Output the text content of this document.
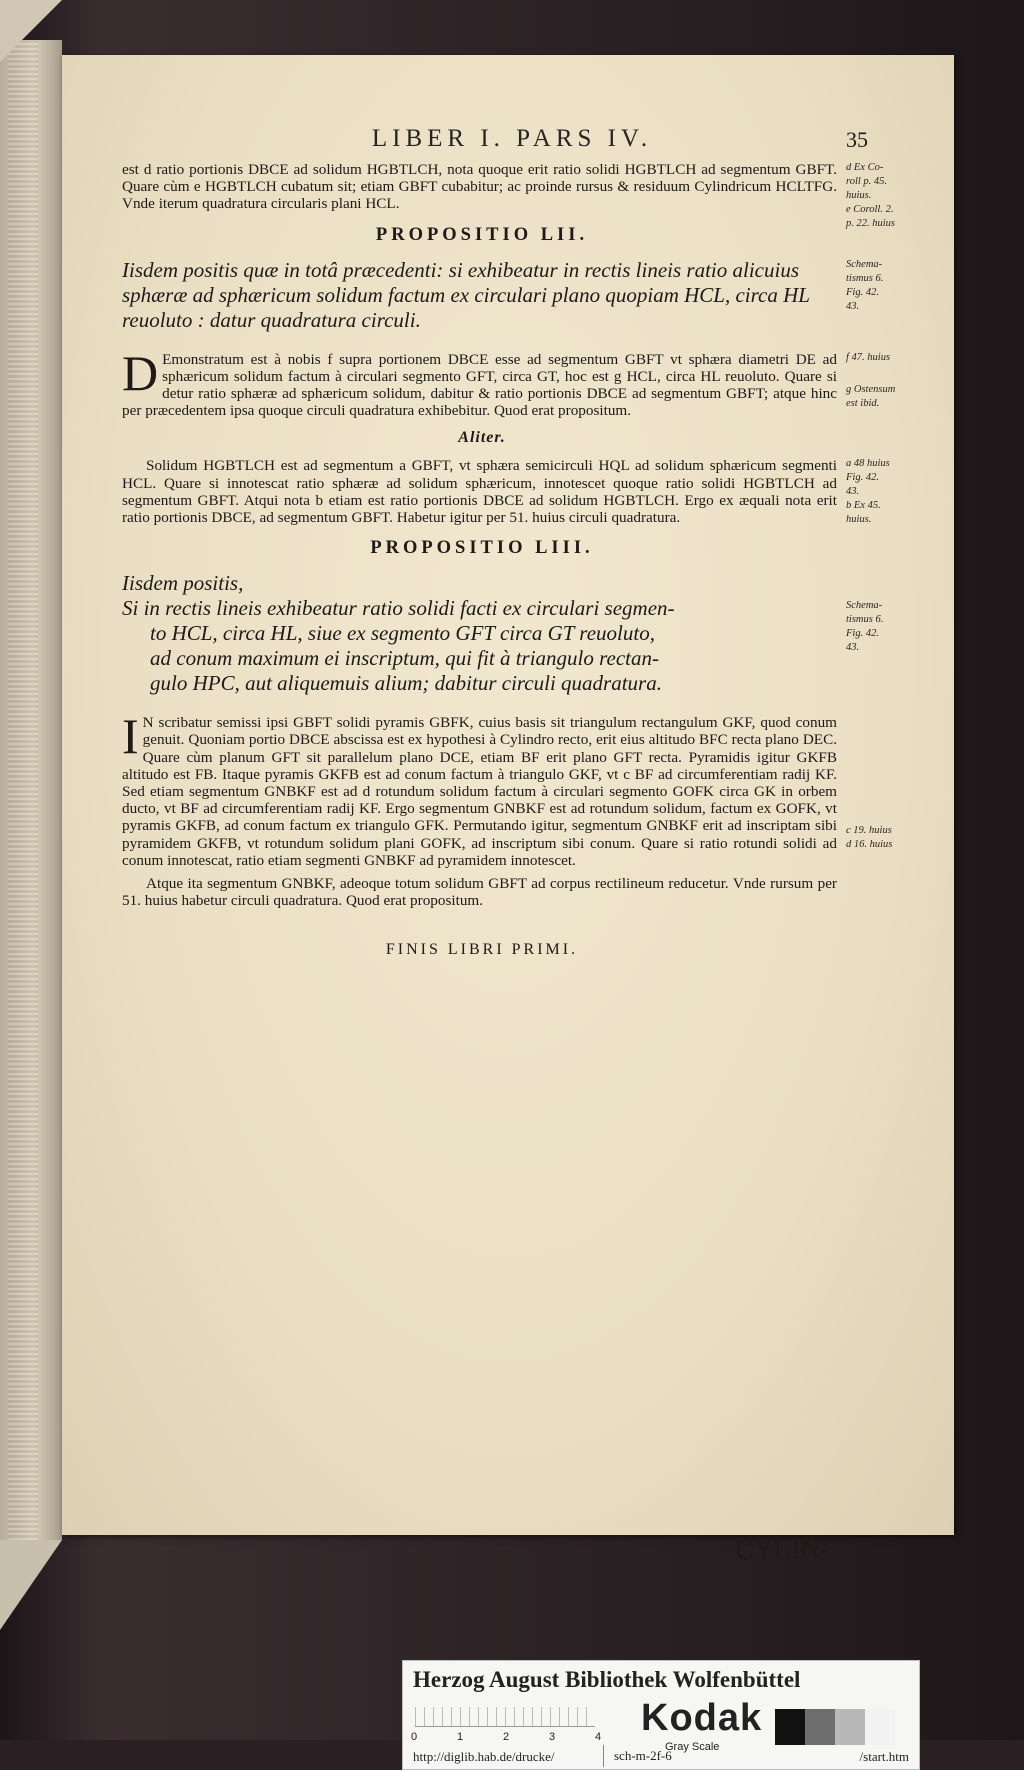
LIBER I. PARS IV.	35

est d ratio portionis DBCE ad solidum HGBTLCH, nota quoque erit ratio solidi HGBTLCH ad segmentum GBFT. Quare cùm e HGBTLCH cubatum sit; etiam GBFT cubabitur; ac proinde rursus & residuum Cylindricum HCLTFG. Vnde iterum quadratura circularis plani HCL.

d Ex Co-
roll p. 45.
huius.
e Coroll. 2.
p. 22. huius
PROPOSITIO LII.

Iisdem positis quæ in totâ præcedenti: si exhibeatur in rectis lineis ratio alicuius sphæræ ad sphæricum solidum factum ex circulari plano quopiam HCL, circa HL reuoluto : datur quadratura circuli.

Schema-
tismus 6.
Fig. 42.
43.

D Emonstratum est à nobis f supra portionem DBCE esse ad segmentum GBFT vt sphæra diametri DE ad sphæricum solidum factum à circulari segmento GFT, circa GT, hoc est g HCL, circa HL reuoluto. Quare si detur ratio sphæræ ad sphæricum solidum, dabitur & ratio portionis DBCE ad segmentum GBFT; atque hinc per præcedentem ipsa quoque circuli quadratura exhibebitur. Quod erat propositum.

f 47. huius
g Ostensum
est ibid.
Aliter.

Solidum HGBTLCH est ad segmentum a GBFT, vt sphæra semicirculi HQL ad solidum sphæricum segmenti HCL. Quare si innotescat ratio sphæræ ad solidum sphæricum, innotescet quoque ratio solidi HGBTLCH ad segmentum GBFT. Atqui nota b etiam est ratio portionis DBCE ad solidum HGBTLCH. Ergo ex æquali nota erit ratio portionis DBCE, ad segmentum GBFT. Habetur igitur per 51. huius circuli quadratura.

a 48 huius
Fig. 42.
43.
b Ex 45.
huius.
PROPOSITIO LIII.
Iisdem positis,
Si in rectis lineis exhibeatur ratio solidi facti ex circulari segmen-
to HCL, circa HL, siue ex segmento GFT circa GT reuoluto,
ad conum maximum ei inscriptum, qui fit à triangulo rectan-
gulo HPC, aut aliquemuis alium; dabitur circuli quadratura.
Schema-
tismus 6.
Fig. 42.
43.

I N scribatur semissi ipsi GBFT solidi pyramis GBFK, cuius basis sit triangulum rectangulum GKF, quod conum genuit. Quoniam portio DBCE abscissa est ex hypothesi à Cylindro recto, erit eius altitudo BFC recta plano DEC. Quare cùm planum GFT sit parallelum plano DCE, etiam BF erit plano GFT recta. Pyramidis igitur GKFB altitudo est FB. Itaque pyramis GKFB est ad conum factum à triangulo GKF, vt c BF ad circumferentiam radij KF. Sed etiam segmentum GNBKF est ad d rotundum solidum factum à circulari segmento GOFK circa GK in orbem ducto, vt BF ad circumferentiam radij KF. Ergo segmentum GNBKF est ad rotundum solidum, factum ex GOFK, vt pyramis GKFB, ad conum factum ex triangulo GFK. Permutando igitur, segmentum GNBKF erit ad inscriptam sibi pyramidem GKFB, vt rotundum solidum plani GOFK, ad inscriptum sibi conum. Quare si ratio rotundi solidi ad conum innotescat, ratio etiam segmenti GNBKF ad pyramidem innotescet.

c 19. huius
d 16. huius

Atque ita segmentum GNBKF, adeoque totum solidum GBFT ad corpus rectilineum reducetur. Vnde rursum per 51. huius habetur circuli quadratura. Quod erat propositum.

FINIS LIBRI PRIMI.

CYLIN-
Herzog August Bibliothek Wolfenbüttel
0	1	2	3	4 Kodak
Gray Scale
http://diglib.hab.de/drucke/	sch-m-2f-6	/start.htm
